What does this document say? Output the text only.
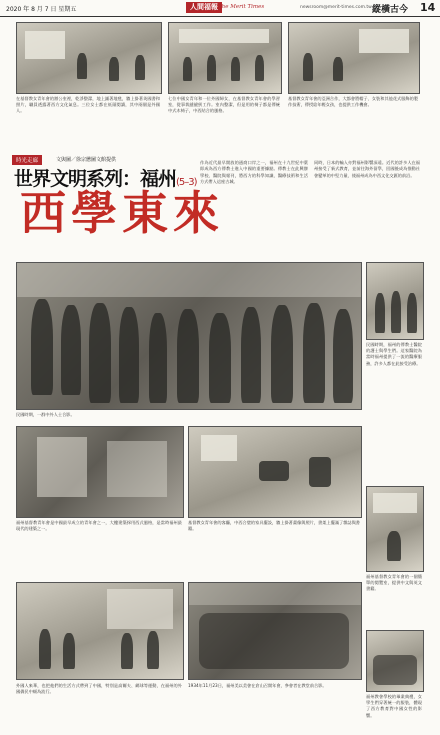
2020 年 8 月 7 日 星期五	人間福報 The Merit Times	newsroom@merit-times.com.tw 縱橫古今 14
在基督教女青年會的辦公室裡，乾淨整潔，地上鋪著地毯，牆上掛著英國書和照片，職員透露著西方文化氣息。三位女士都在低頭閱讀，其中兩個是外國人。
七位中國女青年和一位外國婦女，在基督教女青年會的學習室，從事裁縫縫紉工作。室內整潔，但是用的椅子都是傳統中式木椅子，中西結合的風格。
基督教女青年會的亞洲合作，大都會將帽子、女裝和其他花式服飾的製作技術，傳授給年輕女孩，也提供工作機會。
時光走廊	文與圖／徐宗懋圖文館提供
世界文明系列：福州(5–3)
西學東來
作為近代最早開放的通商口岸之一，福州在十九世紀中葉即成為西方傳教士進入中國的重要據點。傳教士在此興辦學校、醫院與報刊，將西方的科學知識、醫療技術和生活方式帶入這座古城。
同時，日本的輸入亦對福州影響深遠。近代的許多人在福州接受了新式教育，並前往海外留學，回國後成為推動社會變革的中堅力量，使福州成為中西文化交匯的前沿。
民國時期，一群中外人士合影。
民國時期，福州的傳教士醫院的護士與學生們。這家醫院為當時福州提供了一流的醫療服務，許多人都在此接受治療。
福州基督教青年會是中國最早成立的青年會之一，大樓建築採用西式風格，是當時福州最現代的建築之一。
基督教女青年會的客廳，中西合璧的家具擺設，牆上掛著畫像與照片，書架上擺滿了雜誌與書籍。
福州基督教女青年會的一個簡單的閱覽室，提供中文與英文書籍。
外國人來華，也把他們的生活方式帶到了中國，特別是高爾夫、網球等運動，在福州的外國僑民中頗為流行。
1934年11月23日，福州美以美會在倉山召開年會，參會者在教堂前合影。
福州教會學校的畢業典禮，女學生們穿著統一的服裝，體現了西方教育對中國女性的影響。
